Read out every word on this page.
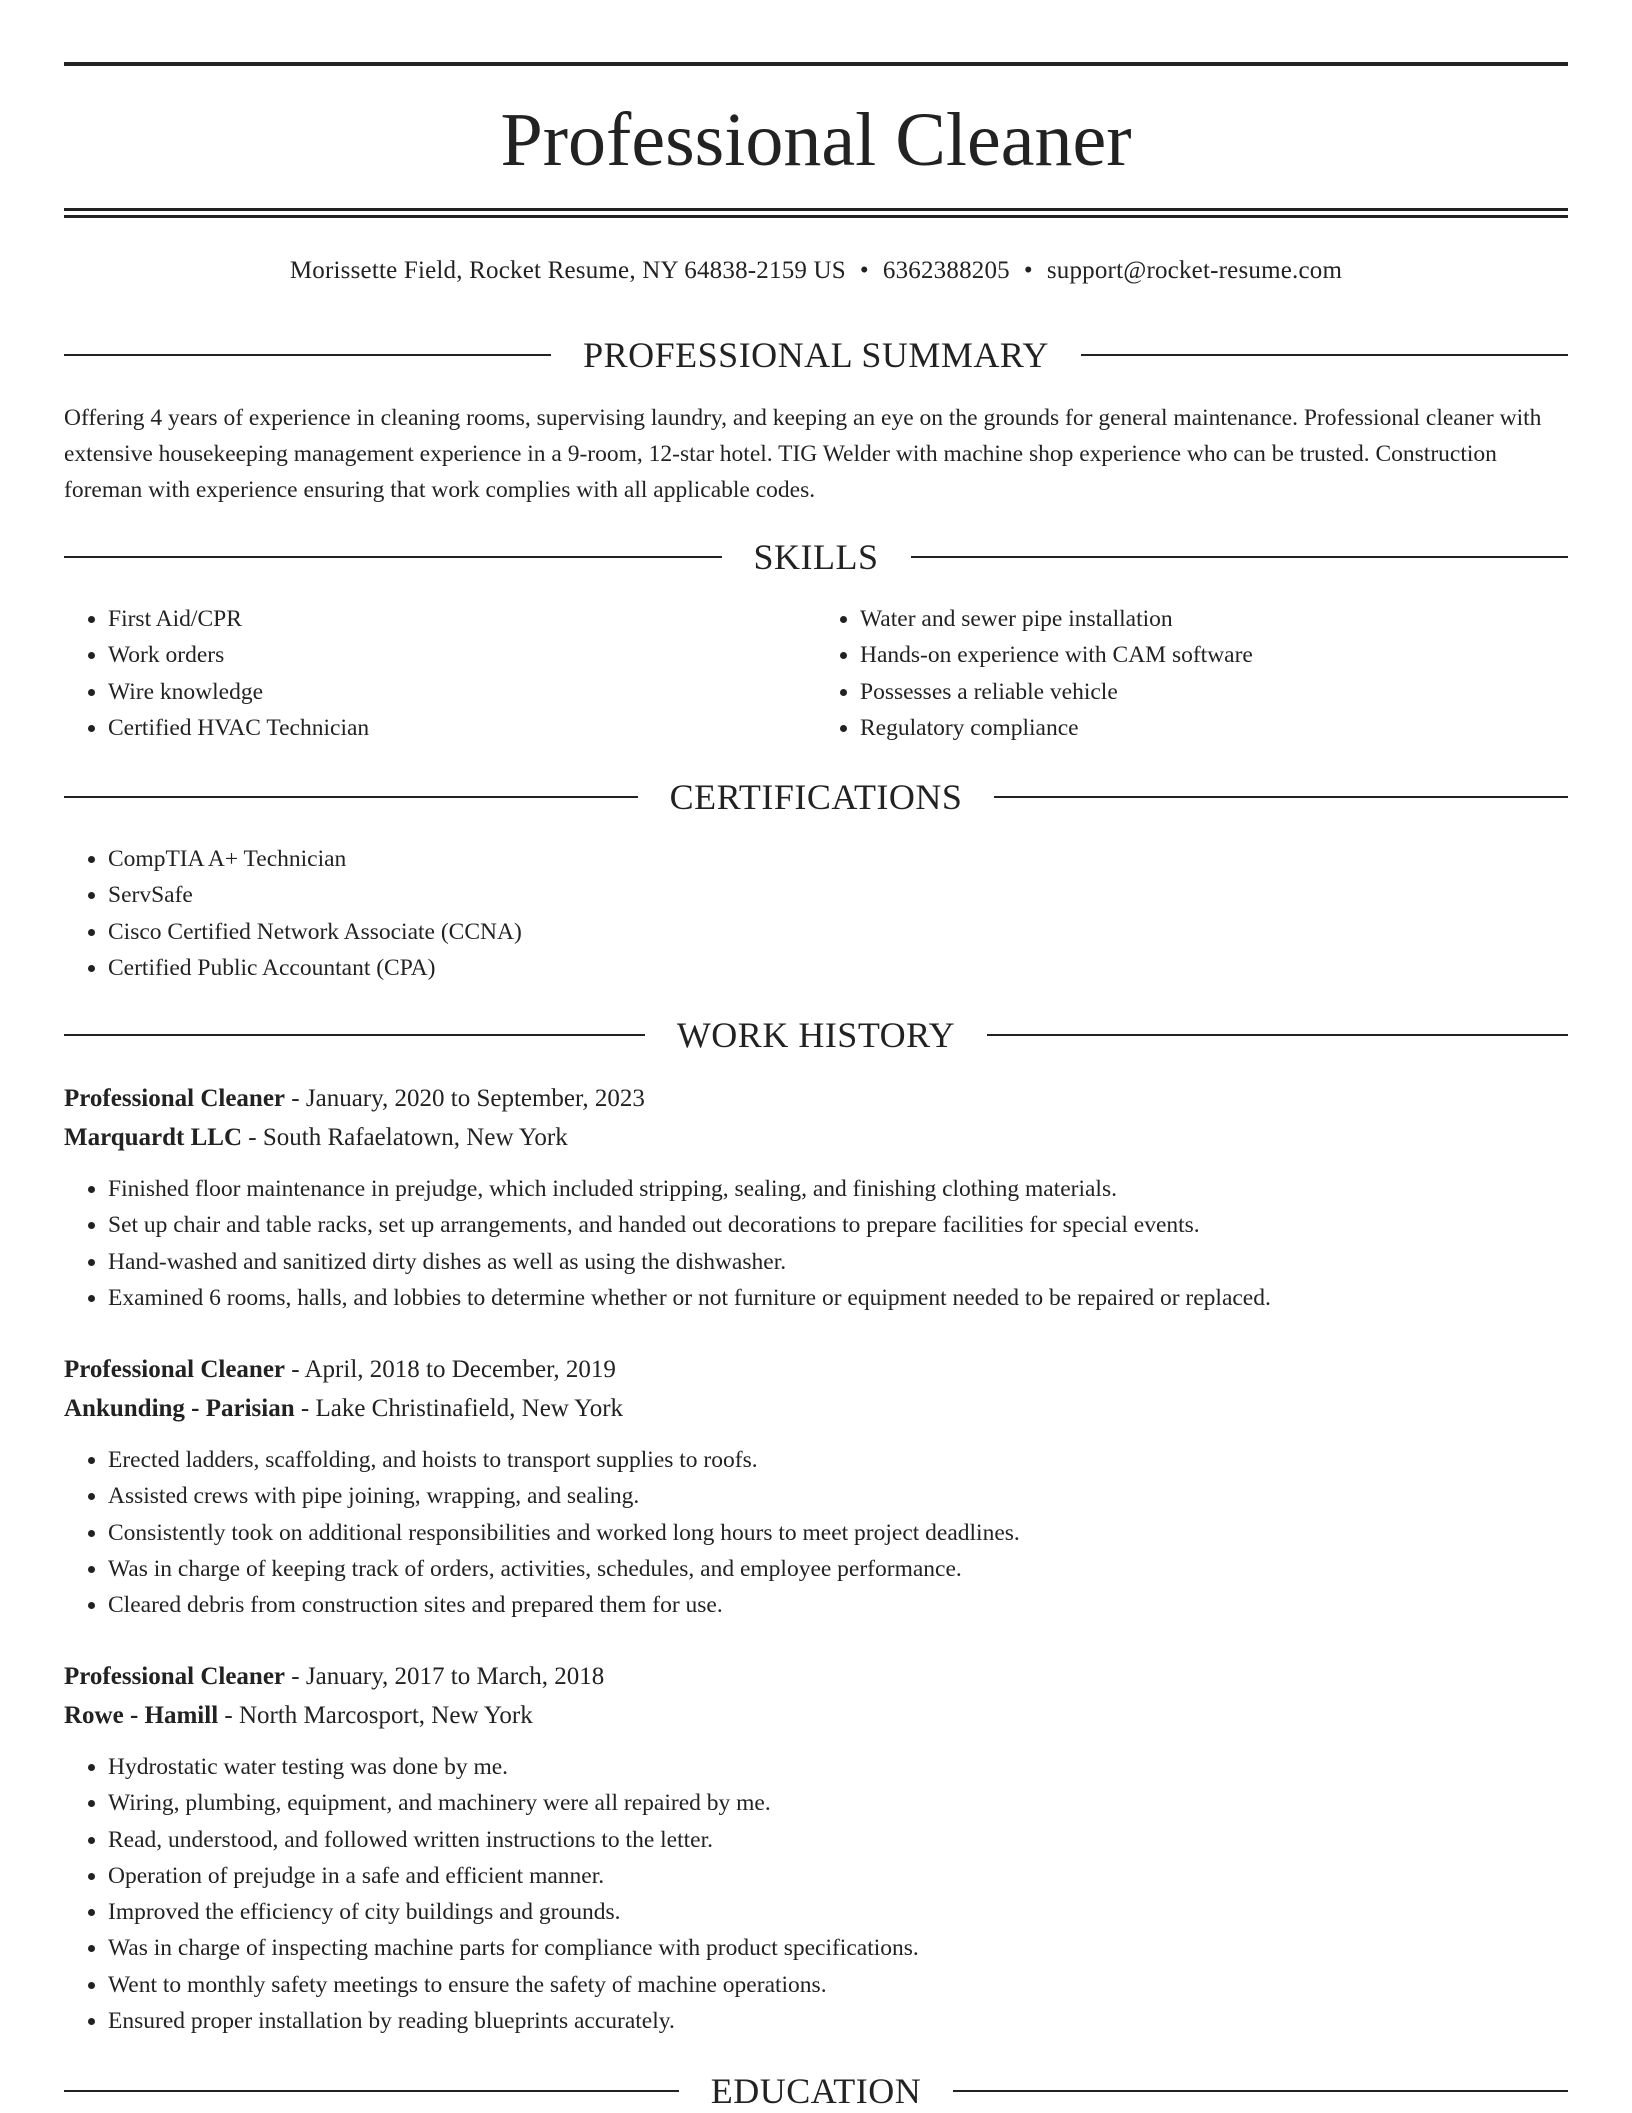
Professional Cleaner
Morissette Field, Rocket Resume, NY 64838-2159 US • 6362388205 • support@rocket-resume.com
PROFESSIONAL SUMMARY

Offering 4 years of experience in cleaning rooms, supervising laundry, and keeping an eye on the grounds for general maintenance. Professional cleaner with extensive housekeeping management experience in a 9-room, 12-star hotel. TIG Welder with machine shop experience who can be trusted. Construction foreman with experience ensuring that work complies with all applicable codes.

SKILLS
• First Aid/CPR
• Work orders
• Wire knowledge
• Certified HVAC Technician
• Water and sewer pipe installation
• Hands-on experience with CAM software
• Possesses a reliable vehicle
• Regulatory compliance
CERTIFICATIONS
• CompTIA A+ Technician
• ServSafe
• Cisco Certified Network Associate (CCNA)
• Certified Public Accountant (CPA)
WORK HISTORY
Professional Cleaner - January, 2020 to September, 2023
Marquardt LLC - South Rafaelatown, New York
• Finished floor maintenance in prejudge, which included stripping, sealing, and finishing clothing materials.
• Set up chair and table racks, set up arrangements, and handed out decorations to prepare facilities for special events.
• Hand-washed and sanitized dirty dishes as well as using the dishwasher.
• Examined 6 rooms, halls, and lobbies to determine whether or not furniture or equipment needed to be repaired or replaced.
Professional Cleaner - April, 2018 to December, 2019
Ankunding - Parisian - Lake Christinafield, New York
• Erected ladders, scaffolding, and hoists to transport supplies to roofs.
• Assisted crews with pipe joining, wrapping, and sealing.
• Consistently took on additional responsibilities and worked long hours to meet project deadlines.
• Was in charge of keeping track of orders, activities, schedules, and employee performance.
• Cleared debris from construction sites and prepared them for use.
Professional Cleaner - January, 2017 to March, 2018
Rowe - Hamill - North Marcosport, New York
• Hydrostatic water testing was done by me.
• Wiring, plumbing, equipment, and machinery were all repaired by me.
• Read, understood, and followed written instructions to the letter.
• Operation of prejudge in a safe and efficient manner.
• Improved the efficiency of city buildings and grounds.
• Was in charge of inspecting machine parts for compliance with product specifications.
• Went to monthly safety meetings to ensure the safety of machine operations.
• Ensured proper installation by reading blueprints accurately.
EDUCATION
